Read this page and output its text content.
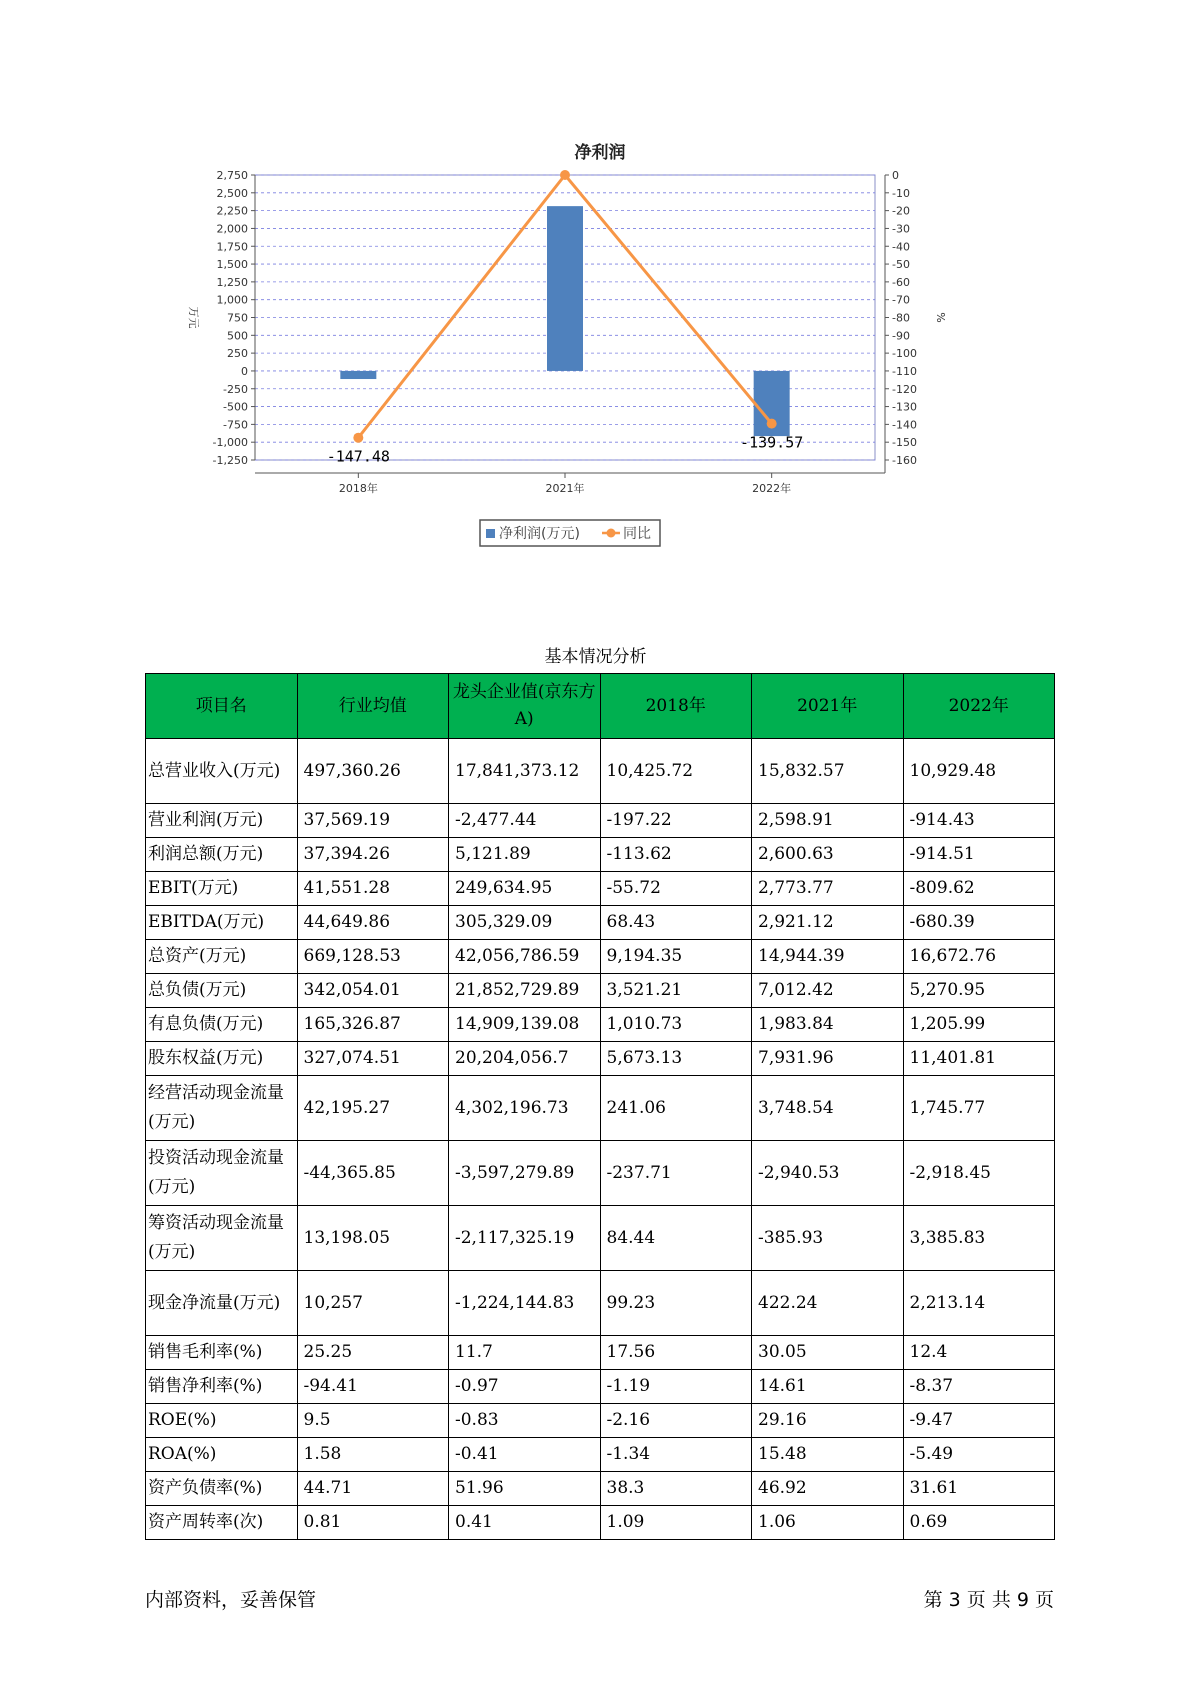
净利润
2,750
2,500
2,250
2,000
1,750
1,500
1,250
1,000
750
500
250
0
-250
-500
-750
-1,000
-1,250
0
-10
-20
-30
-40
-50
-60
-70
-80
-90
-100
-110
-120
-130
-140
-150
-160
万元	%
2018年	2021年	2022年
-147.48
-139.57
净利润(万元)	同比
基本情况分析
项目名	行业均值	龙头企业值(京东方A)	2018年	2021年	2022年
总营业收入(万元)	497,360.26	17,841,373.12	10,425.72	15,832.57	10,929.48
营业利润(万元)	37,569.19	-2,477.44	-197.22	2,598.91	-914.43
利润总额(万元)	37,394.26	5,121.89	-113.62	2,600.63	-914.51
EBIT(万元)	41,551.28	249,634.95	-55.72	2,773.77	-809.62
EBITDA(万元)	44,649.86	305,329.09	68.43	2,921.12	-680.39
总资产(万元)	669,128.53	42,056,786.59	9,194.35	14,944.39	16,672.76
总负债(万元)	342,054.01	21,852,729.89	3,521.21	7,012.42	5,270.95
有息负债(万元)	165,326.87	14,909,139.08	1,010.73	1,983.84	1,205.99
股东权益(万元)	327,074.51	20,204,056.7	5,673.13	7,931.96	11,401.81
经营活动现金流量(万元)	42,195.27	4,302,196.73	241.06	3,748.54	1,745.77
投资活动现金流量(万元)	-44,365.85	-3,597,279.89	-237.71	-2,940.53	-2,918.45
筹资活动现金流量(万元)	13,198.05	-2,117,325.19	84.44	-385.93	3,385.83
现金净流量(万元)	10,257	-1,224,144.83	99.23	422.24	2,213.14
销售毛利率(%)	25.25	11.7	17.56	30.05	12.4
销售净利率(%)	-94.41	-0.97	-1.19	14.61	-8.37
ROE(%)	9.5	-0.83	-2.16	29.16	-9.47
ROA(%)	1.58	-0.41	-1.34	15.48	-5.49
资产负债率(%)	44.71	51.96	38.3	46.92	31.61
资产周转率(次)	0.81	0.41	1.09	1.06	0.69
内部资料，妥善保管	第 3 页 共 9 页
